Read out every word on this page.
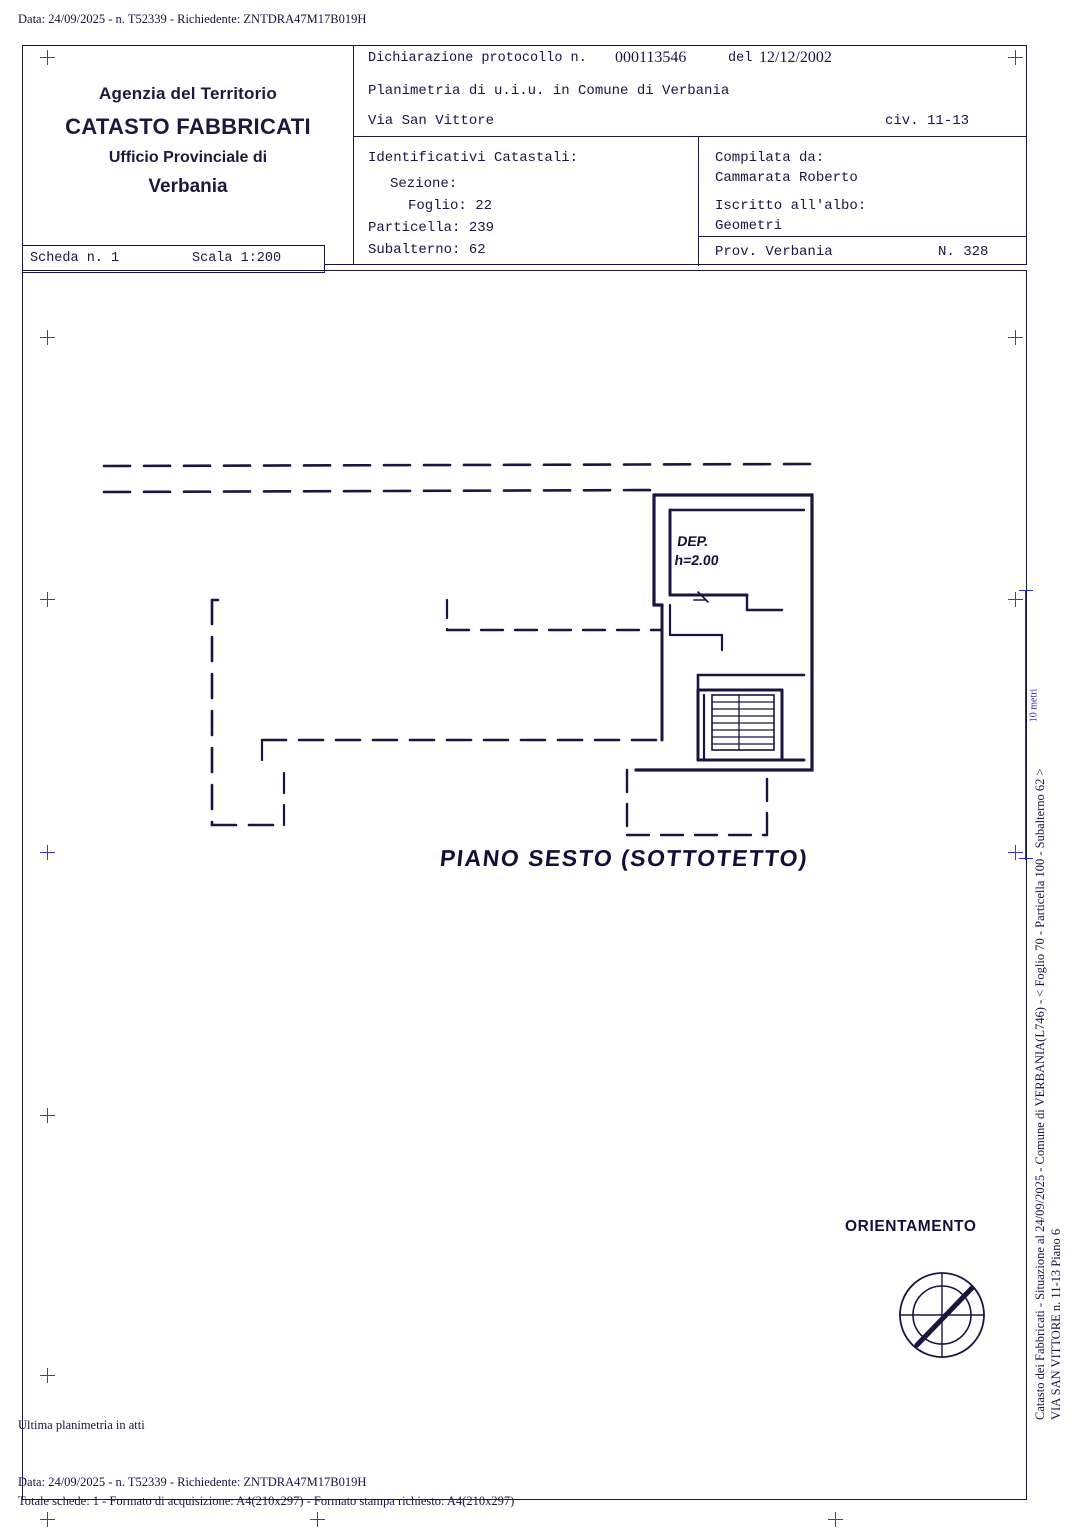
Data: 24/09/2025 - n. T52339 - Richiedente: ZNTDRA47M17B019H
Agenzia del Territorio
CATASTO FABBRICATI
Ufficio Provinciale di
Verbania
Dichiarazione protocollo n. 000113546	del 12/12/2002
Planimetria di u.i.u. in Comune di Verbania
Via San Vittore	civ. 11-13
Identificativi Catastali:
Sezione:
Foglio: 22
Particella: 239
Subalterno: 62
Compilata da:
Cammarata Roberto
Iscritto all'albo:
Geometri
Prov. Verbania	N. 328
Scheda n. 1	Scala 1:200
DEP.
h=2.00
PIANO SESTO (SOTTOTETTO)
ORIENTAMENTO
10 metri
Catasto dei Fabbricati - Situazione al 24/09/2025 - Comune di VERBANIA(L746) - < Foglio 70 - Particella 100 - Subalterno 62 > VIA SAN VITTORE n. 11-13 Piano 6
Ultima planimetria in atti
Data: 24/09/2025 - n. T52339 - Richiedente: ZNTDRA47M17B019H
Totale schede: 1 - Formato di acquisizione: A4(210x297) - Formato stampa richiesto: A4(210x297)
